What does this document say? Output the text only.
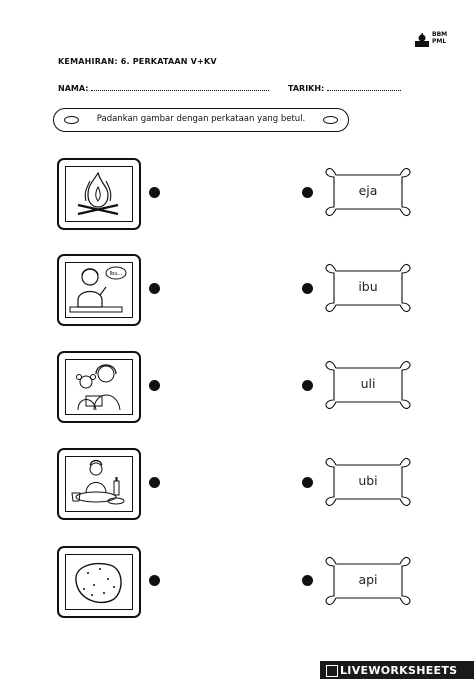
KEMAHIRAN: 6. PERKATAAN V+KV
BBM
PML
NAMA:	TARIKH:
Padankan gambar dengan perkataan yang betul.
Ibu...
eja
ibu
uli
ubi
api
LIVEWORKSHEETS
